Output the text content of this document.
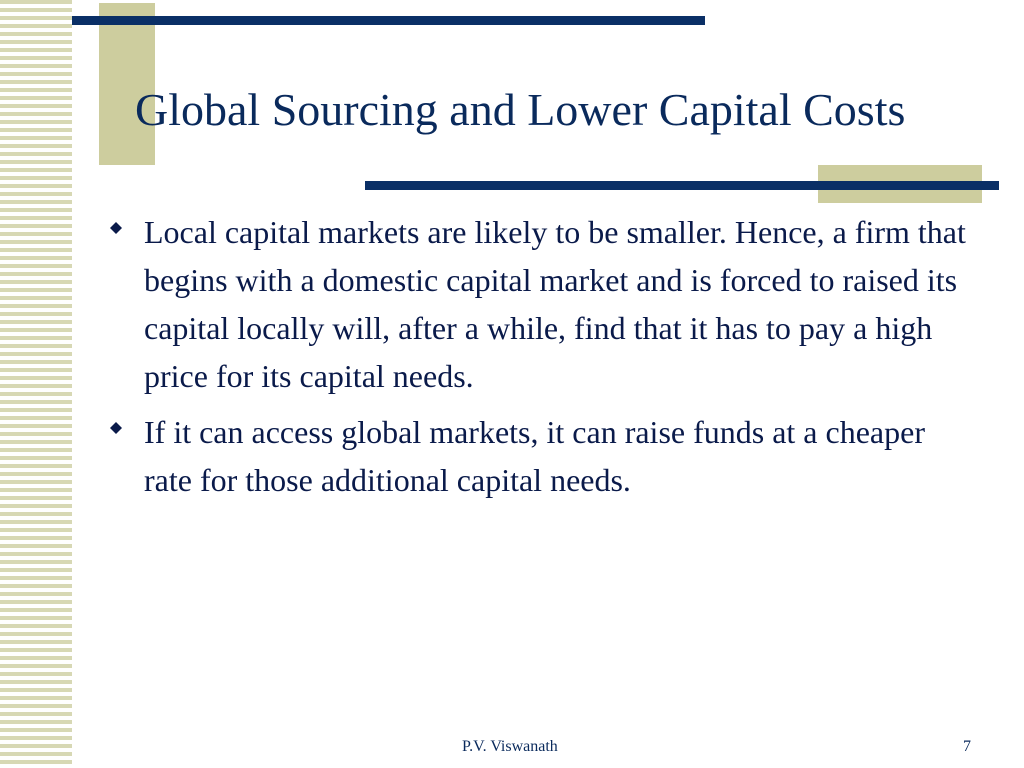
Global Sourcing and Lower Capital Costs
Local capital markets are likely to be smaller. Hence, a firm that begins with a domestic capital market and is forced to raised its capital locally will, after a while, find that it has to pay a high price for its capital needs.
If it can access global markets, it can raise funds at a cheaper rate for those additional capital needs.
P.V. Viswanath	7
